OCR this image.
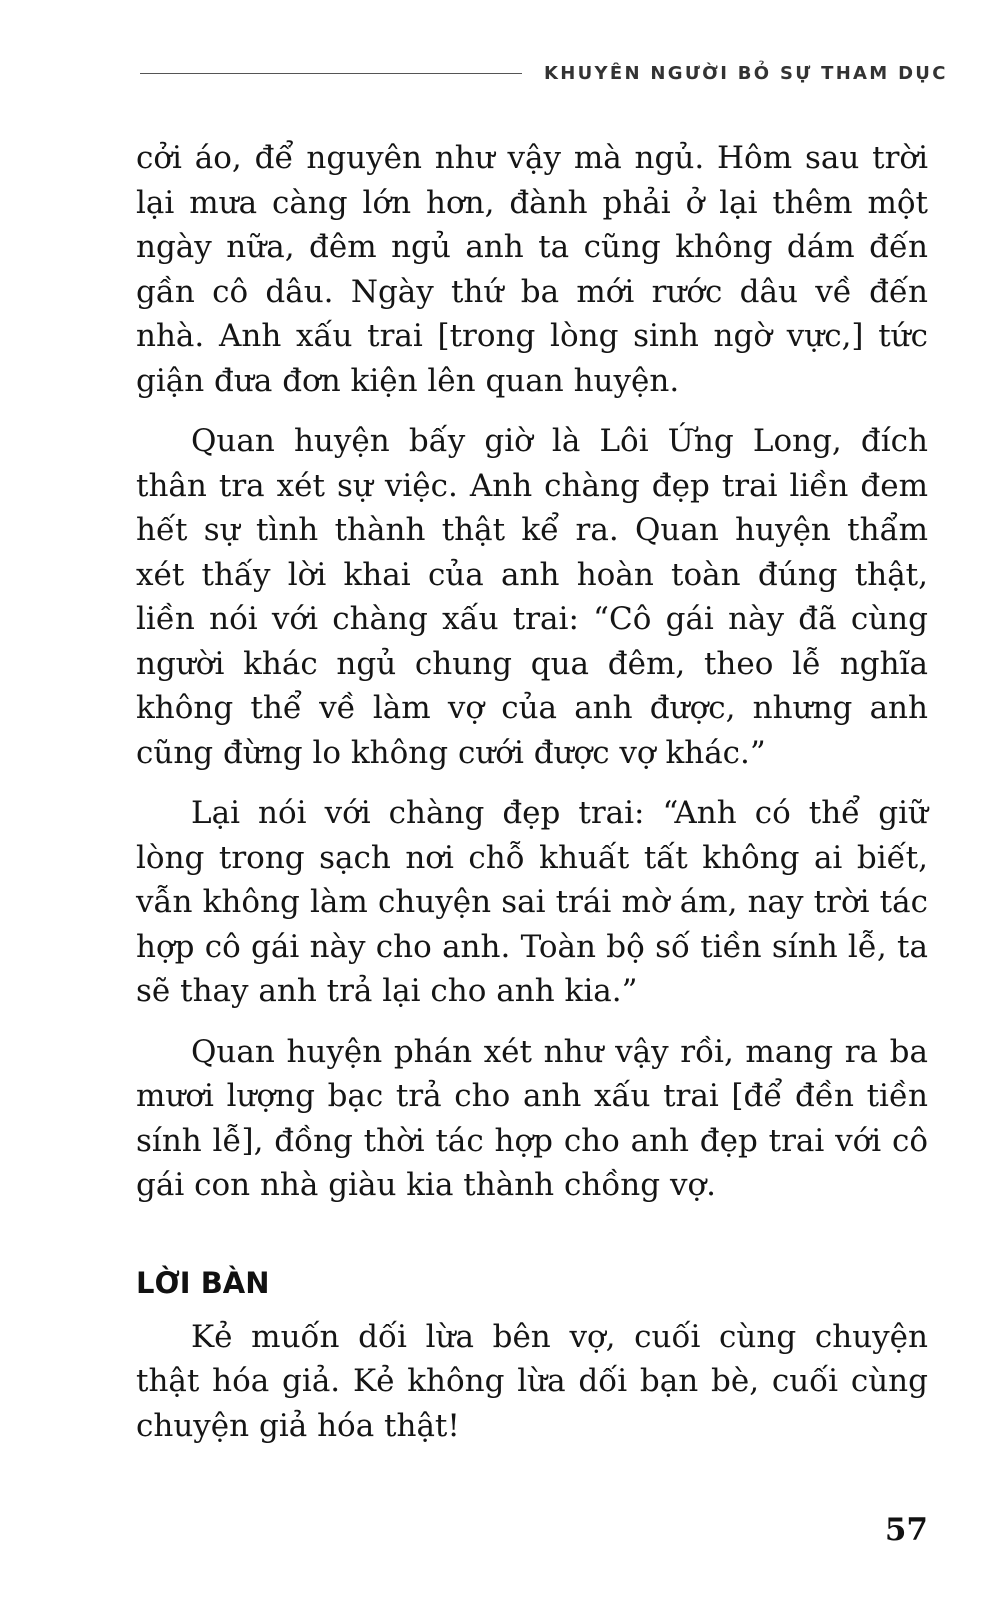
KHUYÊN NGƯỜI BỎ SỰ THAM DỤC

cởi áo, để nguyên như vậy mà ngủ. Hôm sau trời lại mưa càng lớn hơn, đành phải ở lại thêm một ngày nữa, đêm ngủ anh ta cũng không dám đến gần cô dâu. Ngày thứ ba mới rước dâu về đến nhà. Anh xấu trai [trong lòng sinh ngờ vực,] tức giận đưa đơn kiện lên quan huyện.

Quan huyện bấy giờ là Lôi Ứng Long, đích thân tra xét sự việc. Anh chàng đẹp trai liền đem hết sự tình thành thật kể ra. Quan huyện thẩm xét thấy lời khai của anh hoàn toàn đúng thật, liền nói với chàng xấu trai: “Cô gái này đã cùng người khác ngủ chung qua đêm, theo lễ nghĩa không thể về làm vợ của anh được, nhưng anh cũng đừng lo không cưới được vợ khác.”

Lại nói với chàng đẹp trai: “Anh có thể giữ lòng trong sạch nơi chỗ khuất tất không ai biết, vẫn không làm chuyện sai trái mờ ám, nay trời tác hợp cô gái này cho anh. Toàn bộ số tiền sính lễ, ta sẽ thay anh trả lại cho anh kia.”

Quan huyện phán xét như vậy rồi, mang ra ba mươi lượng bạc trả cho anh xấu trai [để đền tiền sính lễ], đồng thời tác hợp cho anh đẹp trai với cô gái con nhà giàu kia thành chồng vợ.

LỜI BÀN

Kẻ muốn dối lừa bên vợ, cuối cùng chuyện thật hóa giả. Kẻ không lừa dối bạn bè, cuối cùng chuyện giả hóa thật!

57
